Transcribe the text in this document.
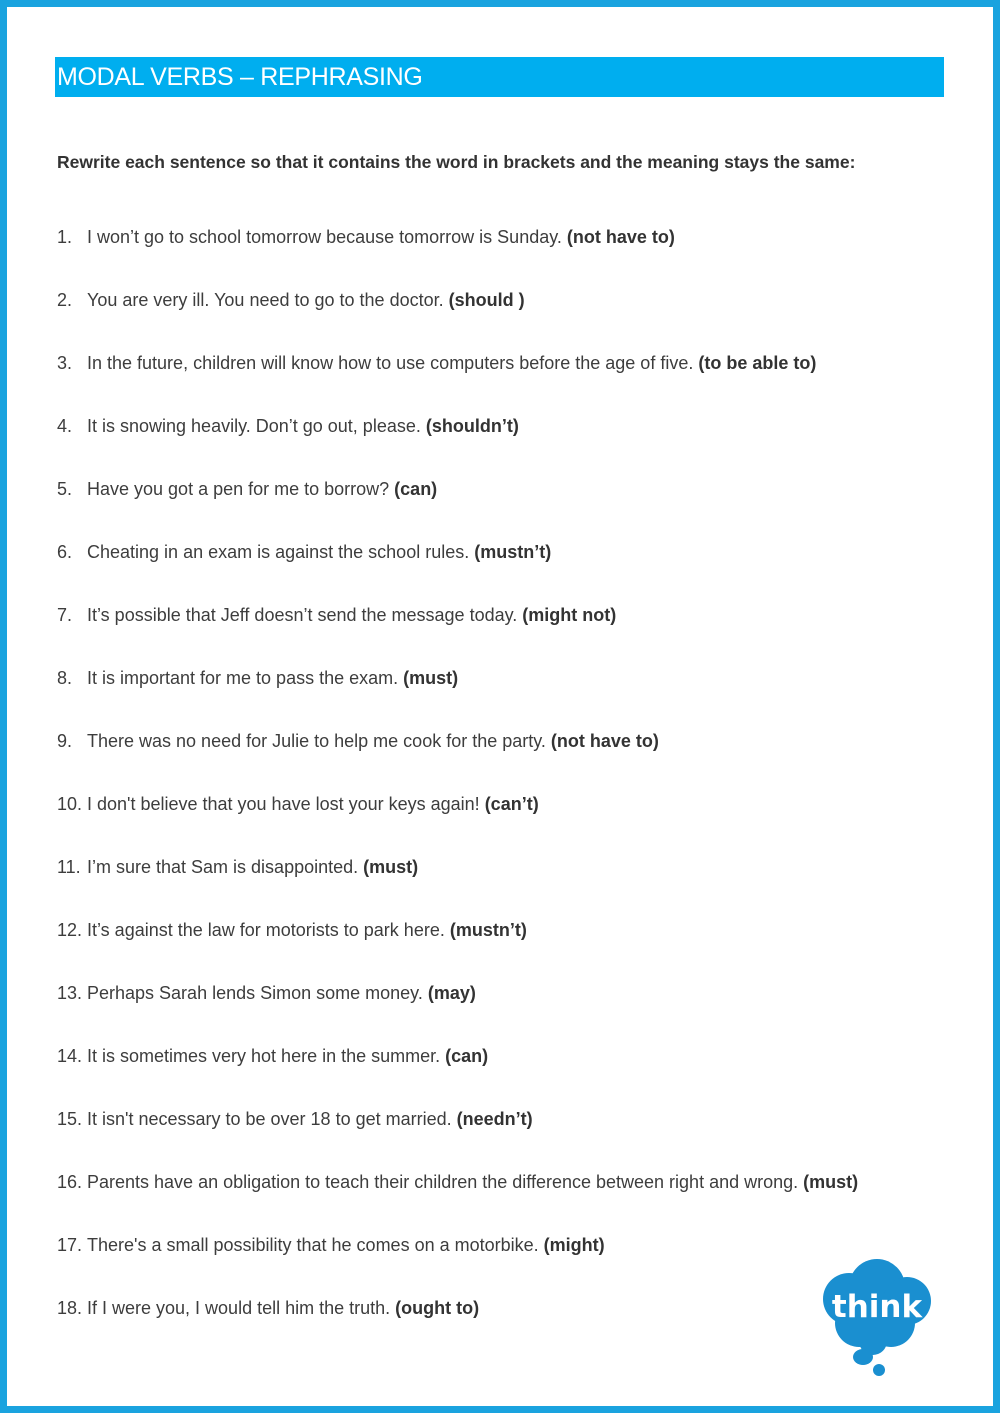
MODAL VERBS – REPHRASING
Rewrite each sentence so that it contains the word in brackets and the meaning stays the same:
1. I won’t go to school tomorrow because tomorrow is Sunday. (not have to)
2. You are very ill. You need to go to the doctor. (should )
3. In the future, children will know how to use computers before the age of five. (to be able to)
4. It is snowing heavily. Don’t go out, please. (shouldn’t)
5. Have you got a pen for me to borrow? (can)
6. Cheating in an exam is against the school rules. (mustn’t)
7. It’s possible that Jeff doesn’t send the message today. (might not)
8. It is important for me to pass the exam. (must)
9. There was no need for Julie to help me cook for the party. (not have to)
10. I don't believe that you have lost your keys again! (can’t)
11. I’m sure that Sam is disappointed. (must)
12. It’s against the law for motorists to park here. (mustn’t)
13. Perhaps Sarah lends Simon some money. (may)
14. It is sometimes very hot here in the summer. (can)
15. It isn't necessary to be over 18 to get married. (needn’t)
16. Parents have an obligation to teach their children the difference between right and wrong. (must)
17. There's a small possibility that he comes on a motorbike. (might)
18. If I were you, I would tell him the truth. (ought to)	think
